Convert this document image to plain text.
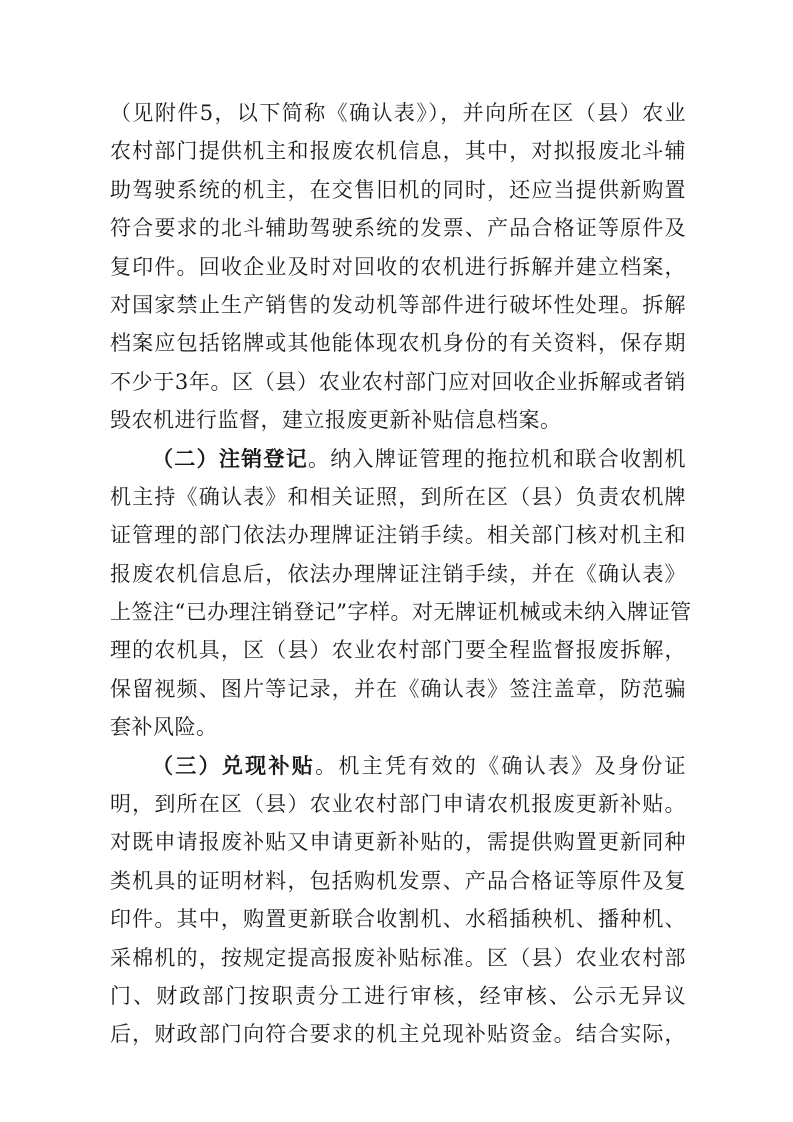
（见附件5，以下简称《确认表》），并向所在区（县）农业
农村部门提供机主和报废农机信息，其中，对拟报废北斗辅
助驾驶系统的机主，在交售旧机的同时，还应当提供新购置
符合要求的北斗辅助驾驶系统的发票、产品合格证等原件及
复印件。回收企业及时对回收的农机进行拆解并建立档案，
对国家禁止生产销售的发动机等部件进行破坏性处理。拆解
档案应包括铭牌或其他能体现农机身份的有关资料，保存期
不少于3年。区（县）农业农村部门应对回收企业拆解或者销
毁农机进行监督，建立报废更新补贴信息档案。
（二）注销登记。纳入牌证管理的拖拉机和联合收割机
机主持《确认表》和相关证照，到所在区（县）负责农机牌
证管理的部门依法办理牌证注销手续。相关部门核对机主和
报废农机信息后，依法办理牌证注销手续，并在《确认表》
上签注“已办理注销登记”字样。对无牌证机械或未纳入牌证管
理的农机具，区（县）农业农村部门要全程监督报废拆解，
保留视频、图片等记录，并在《确认表》签注盖章，防范骗
套补风险。
（三）兑现补贴。机主凭有效的《确认表》及身份证
明，到所在区（县）农业农村部门申请农机报废更新补贴。
对既申请报废补贴又申请更新补贴的，需提供购置更新同种
类机具的证明材料，包括购机发票、产品合格证等原件及复
印件。其中，购置更新联合收割机、水稻插秧机、播种机、
采棉机的，按规定提高报废补贴标准。区（县）农业农村部
门、财政部门按职责分工进行审核，经审核、公示无异议
后，财政部门向符合要求的机主兑现补贴资金。结合实际，
